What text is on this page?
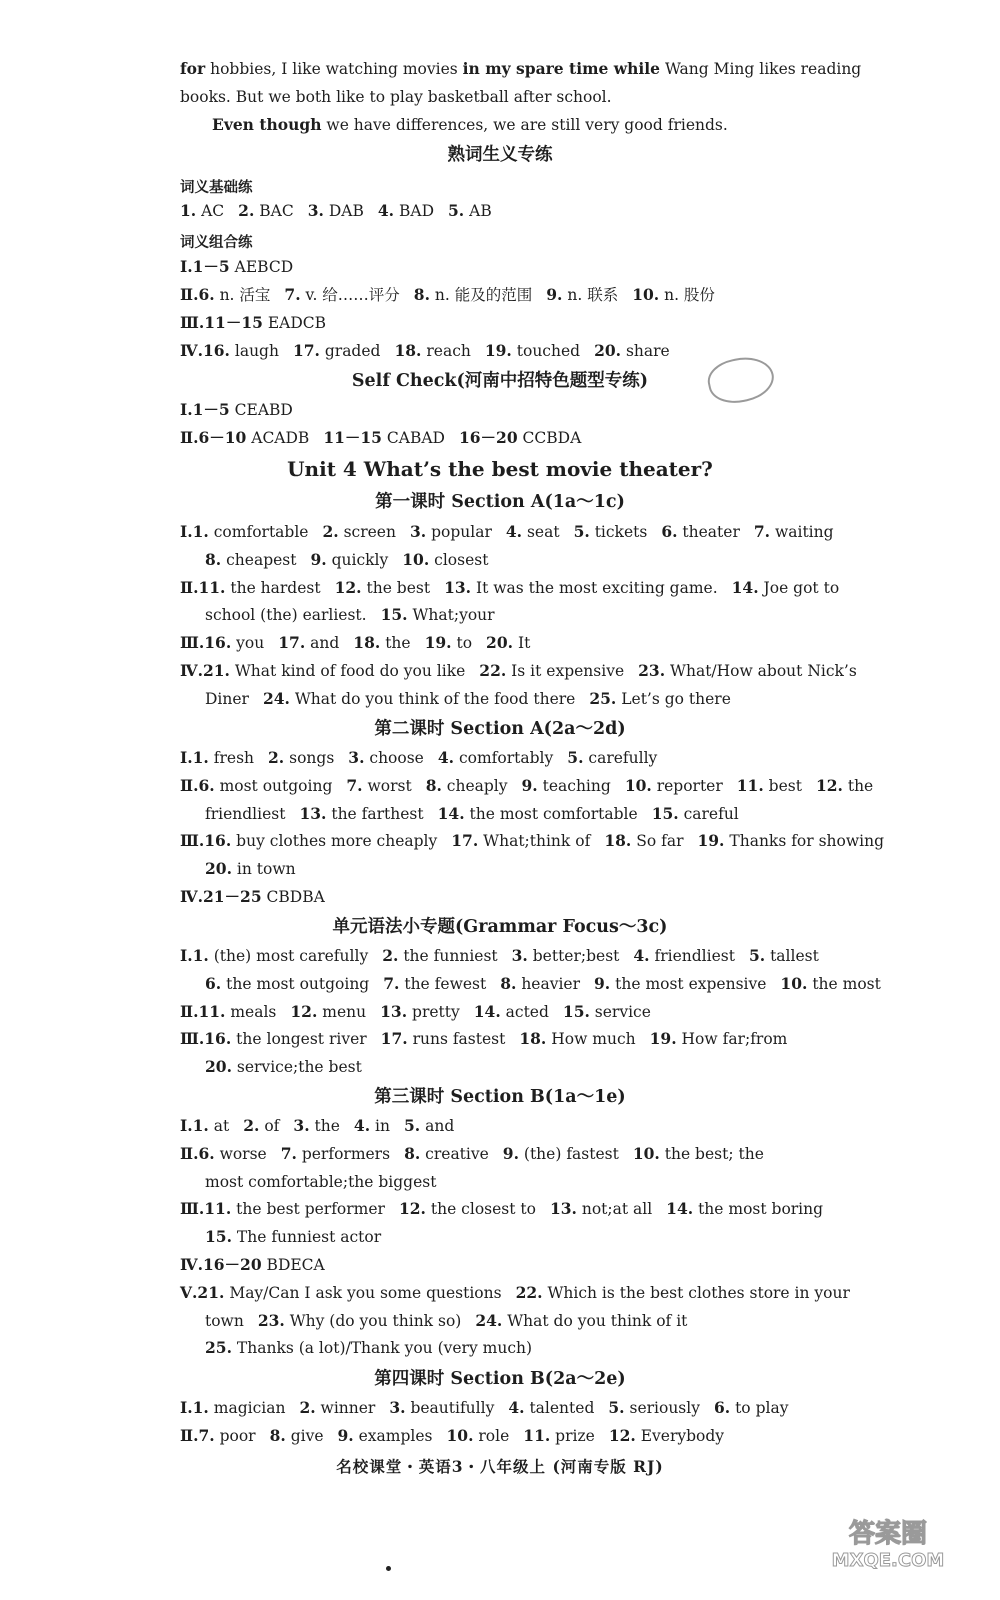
for hobbies, I like watching movies in my spare time while Wang Ming likes reading
books. But we both like to play basketball after school.
Even though we have differences, we are still very good friends.
熟词生义专练
词义基础练
1. AC 2. BAC 3. DAB 4. BAD 5. AB
词义组合练
Ⅰ.1－5 AEBCD
Ⅱ.6. n. 活宝 7. v. 给……评分 8. n. 能及的范围 9. n. 联系 10. n. 股份
Ⅲ.11－15 EADCB
Ⅳ.16. laugh 17. graded 18. reach 19. touched 20. share
Self Check(河南中招特色题型专练)
Ⅰ.1－5 CEABD
Ⅱ.6－10 ACADB 11－15 CABAD 16－20 CCBDA
Unit 4 What’s the best movie theater?
第一课时 Section A(1a～1c)
Ⅰ.1. comfortable 2. screen 3. popular 4. seat 5. tickets 6. theater 7. waiting
8. cheapest 9. quickly 10. closest
Ⅱ.11. the hardest 12. the best 13. It was the most exciting game. 14. Joe got to
school (the) earliest. 15. What;your
Ⅲ.16. you 17. and 18. the 19. to 20. It
Ⅳ.21. What kind of food do you like 22. Is it expensive 23. What/How about Nick’s
Diner 24. What do you think of the food there 25. Let’s go there
第二课时 Section A(2a～2d)
Ⅰ.1. fresh 2. songs 3. choose 4. comfortably 5. carefully
Ⅱ.6. most outgoing 7. worst 8. cheaply 9. teaching 10. reporter 11. best 12. the
friendliest 13. the farthest 14. the most comfortable 15. careful
Ⅲ.16. buy clothes more cheaply 17. What;think of 18. So far 19. Thanks for showing
20. in town
Ⅳ.21－25 CBDBA
单元语法小专题(Grammar Focus～3c)
Ⅰ.1. (the) most carefully 2. the funniest 3. better;best 4. friendliest 5. tallest
6. the most outgoing 7. the fewest 8. heavier 9. the most expensive 10. the most
Ⅱ.11. meals 12. menu 13. pretty 14. acted 15. service
Ⅲ.16. the longest river 17. runs fastest 18. How much 19. How far;from
20. service;the best
第三课时 Section B(1a～1e)
Ⅰ.1. at 2. of 3. the 4. in 5. and
Ⅱ.6. worse 7. performers 8. creative 9. (the) fastest 10. the best; the
most comfortable;the biggest
Ⅲ.11. the best performer 12. the closest to 13. not;at all 14. the most boring
15. The funniest actor
Ⅳ.16－20 BDECA
Ⅴ.21. May/Can I ask you some questions 22. Which is the best clothes store in your
town 23. Why (do you think so) 24. What do you think of it
25. Thanks (a lot)/Thank you (very much)
第四课时 Section B(2a～2e)
Ⅰ.1. magician 2. winner 3. beautifully 4. talented 5. seriously 6. to play
Ⅱ.7. poor 8. give 9. examples 10. role 11. prize 12. Everybody
名校课堂・英语3・八年级上 (河南专版 RJ)
答案圈
MXQE.COM
